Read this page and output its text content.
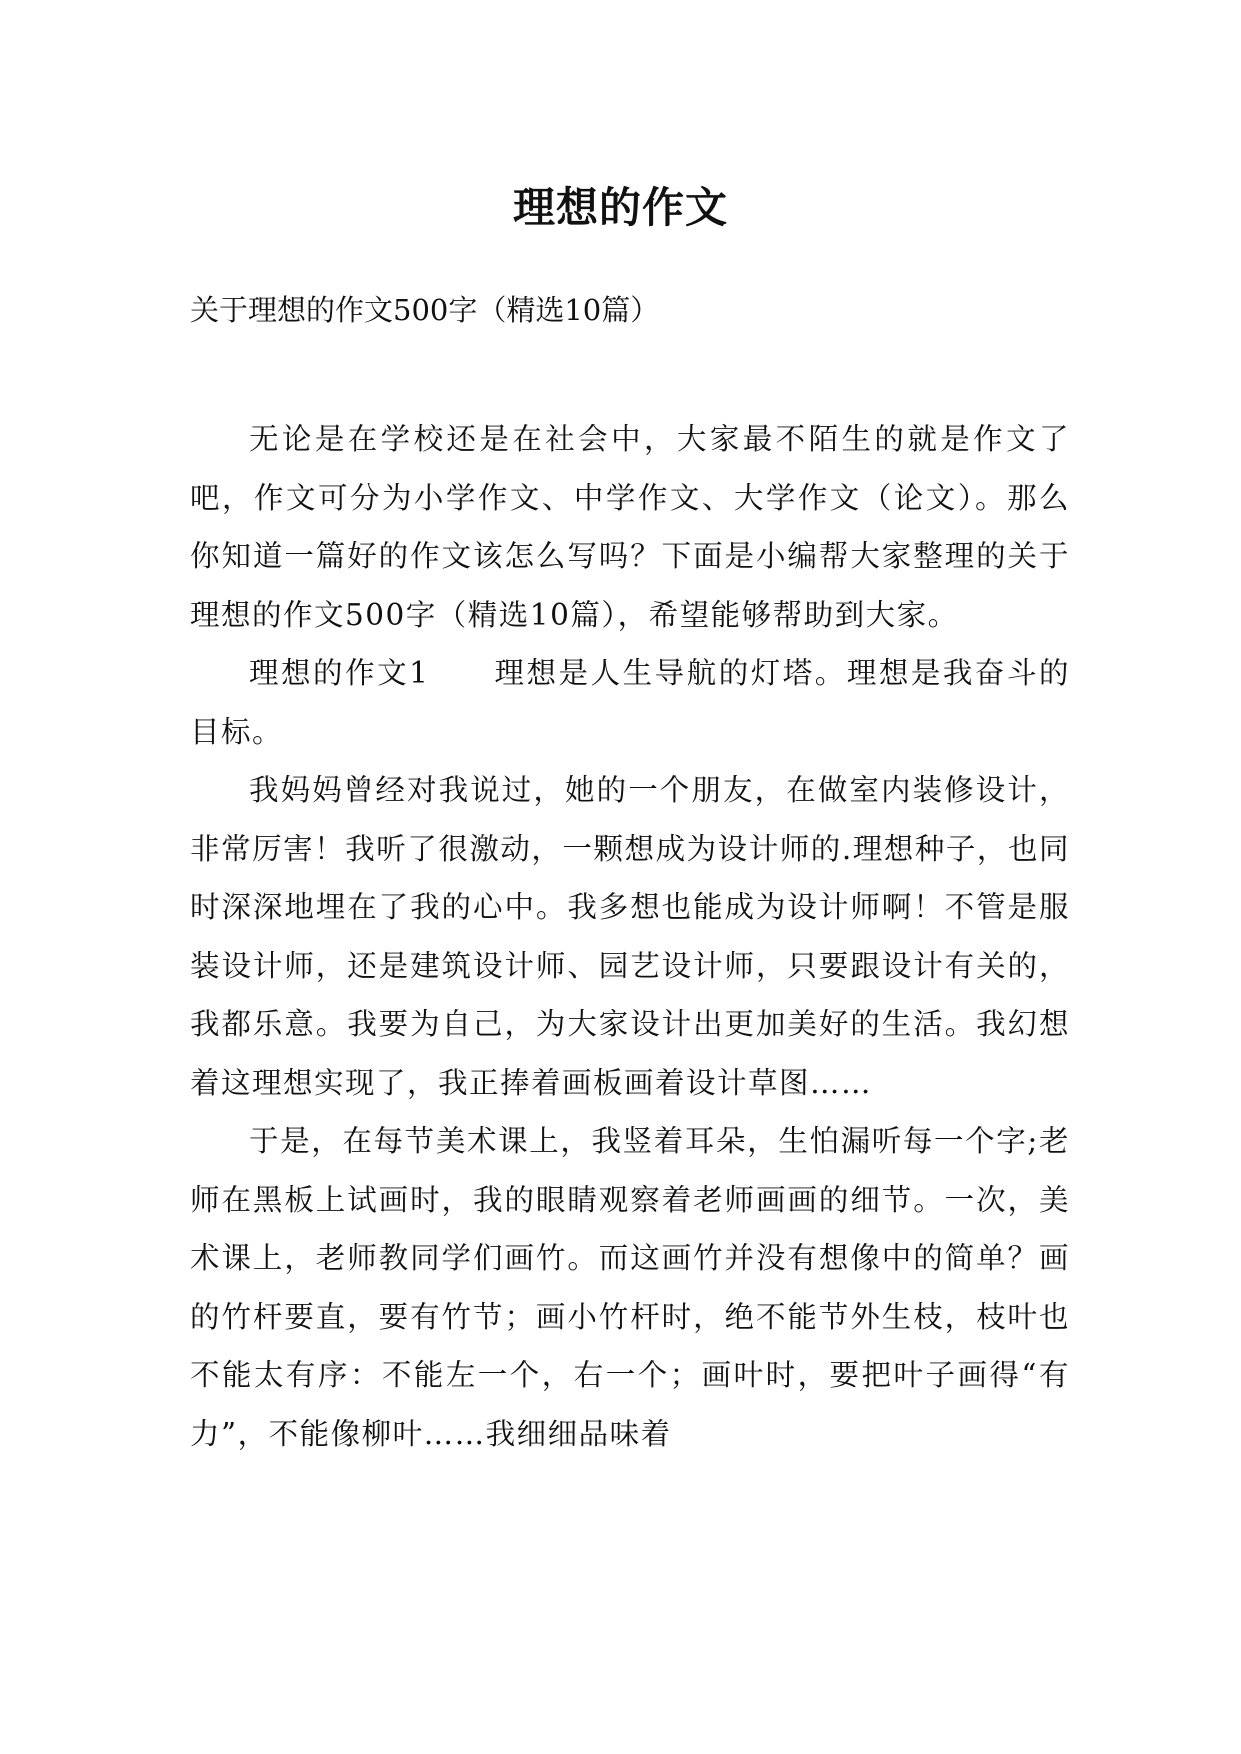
理想的作文
关于理想的作文500字（精选10篇）

无论是在学校还是在社会中，大家最不陌生的就是作文了吧，作文可分为小学作文、中学作文、大学作文（论文）。那么你知道一篇好的作文该怎么写吗？下面是小编帮大家整理的关于理想的作文500字（精选10篇），希望能够帮助到大家。

理想的作文1　　理想是人生导航的灯塔。理想是我奋斗的目标。

我妈妈曾经对我说过，她的一个朋友，在做室内装修设计，非常厉害！我听了很激动，一颗想成为设计师的.理想种子，也同时深深地埋在了我的心中。我多想也能成为设计师啊！不管是服装设计师，还是建筑设计师、园艺设计师，只要跟设计有关的，我都乐意。我要为自己，为大家设计出更加美好的生活。我幻想着这理想实现了，我正捧着画板画着设计草图……

于是，在每节美术课上，我竖着耳朵，生怕漏听每一个字;老师在黑板上试画时，我的眼睛观察着老师画画的细节。一次，美术课上，老师教同学们画竹。而这画竹并没有想像中的简单？画的竹杆要直，要有竹节；画小竹杆时，绝不能节外生枝，枝叶也不能太有序：不能左一个，右一个；画叶时，要把叶子画得“有力”，不能像柳叶……我细细品味着
